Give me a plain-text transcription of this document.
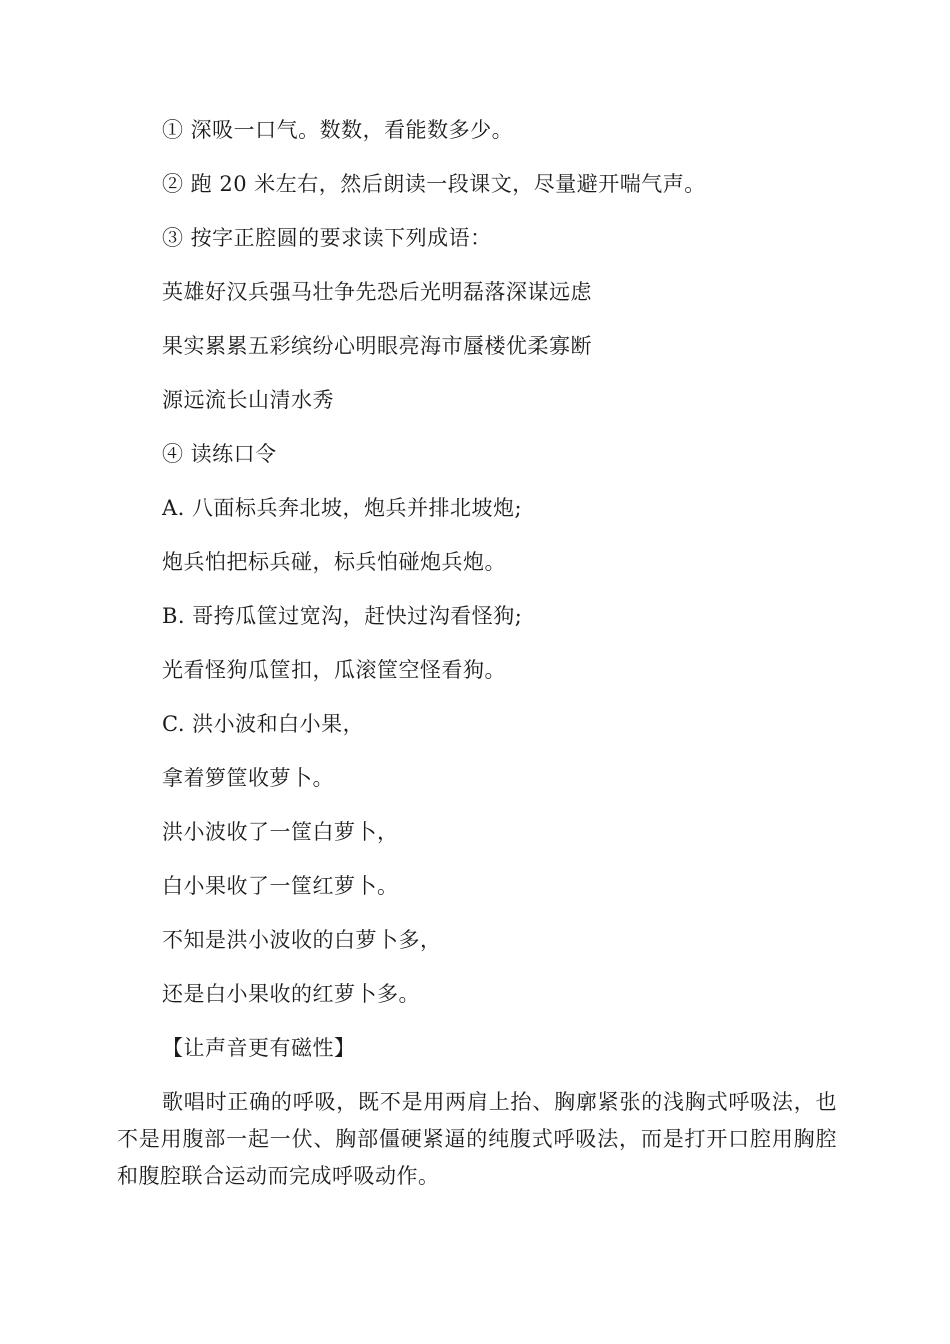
① 深吸一口气。数数，看能数多少。
② 跑 20 米左右，然后朗读一段课文，尽量避开喘气声。
③ 按字正腔圆的要求读下列成语：
英雄好汉兵强马壮争先恐后光明磊落深谋远虑
果实累累五彩缤纷心明眼亮海市蜃楼优柔寡断
源远流长山清水秀
④ 读练口令
A. 八面标兵奔北坡，炮兵并排北坡炮;
炮兵怕把标兵碰，标兵怕碰炮兵炮。
B. 哥挎瓜筐过宽沟，赶快过沟看怪狗;
光看怪狗瓜筐扣，瓜滚筐空怪看狗。
C. 洪小波和白小果，
拿着箩筐收萝卜。
洪小波收了一筐白萝卜，
白小果收了一筐红萝卜。
不知是洪小波收的白萝卜多，
还是白小果收的红萝卜多。
【让声音更有磁性】
歌唱时正确的呼吸，既不是用两肩上抬、胸廓紧张的浅胸式呼吸法，也不是用腹部一起一伏、胸部僵硬紧逼的纯腹式呼吸法，而是打开口腔用胸腔和腹腔联合运动而完成呼吸动作。
